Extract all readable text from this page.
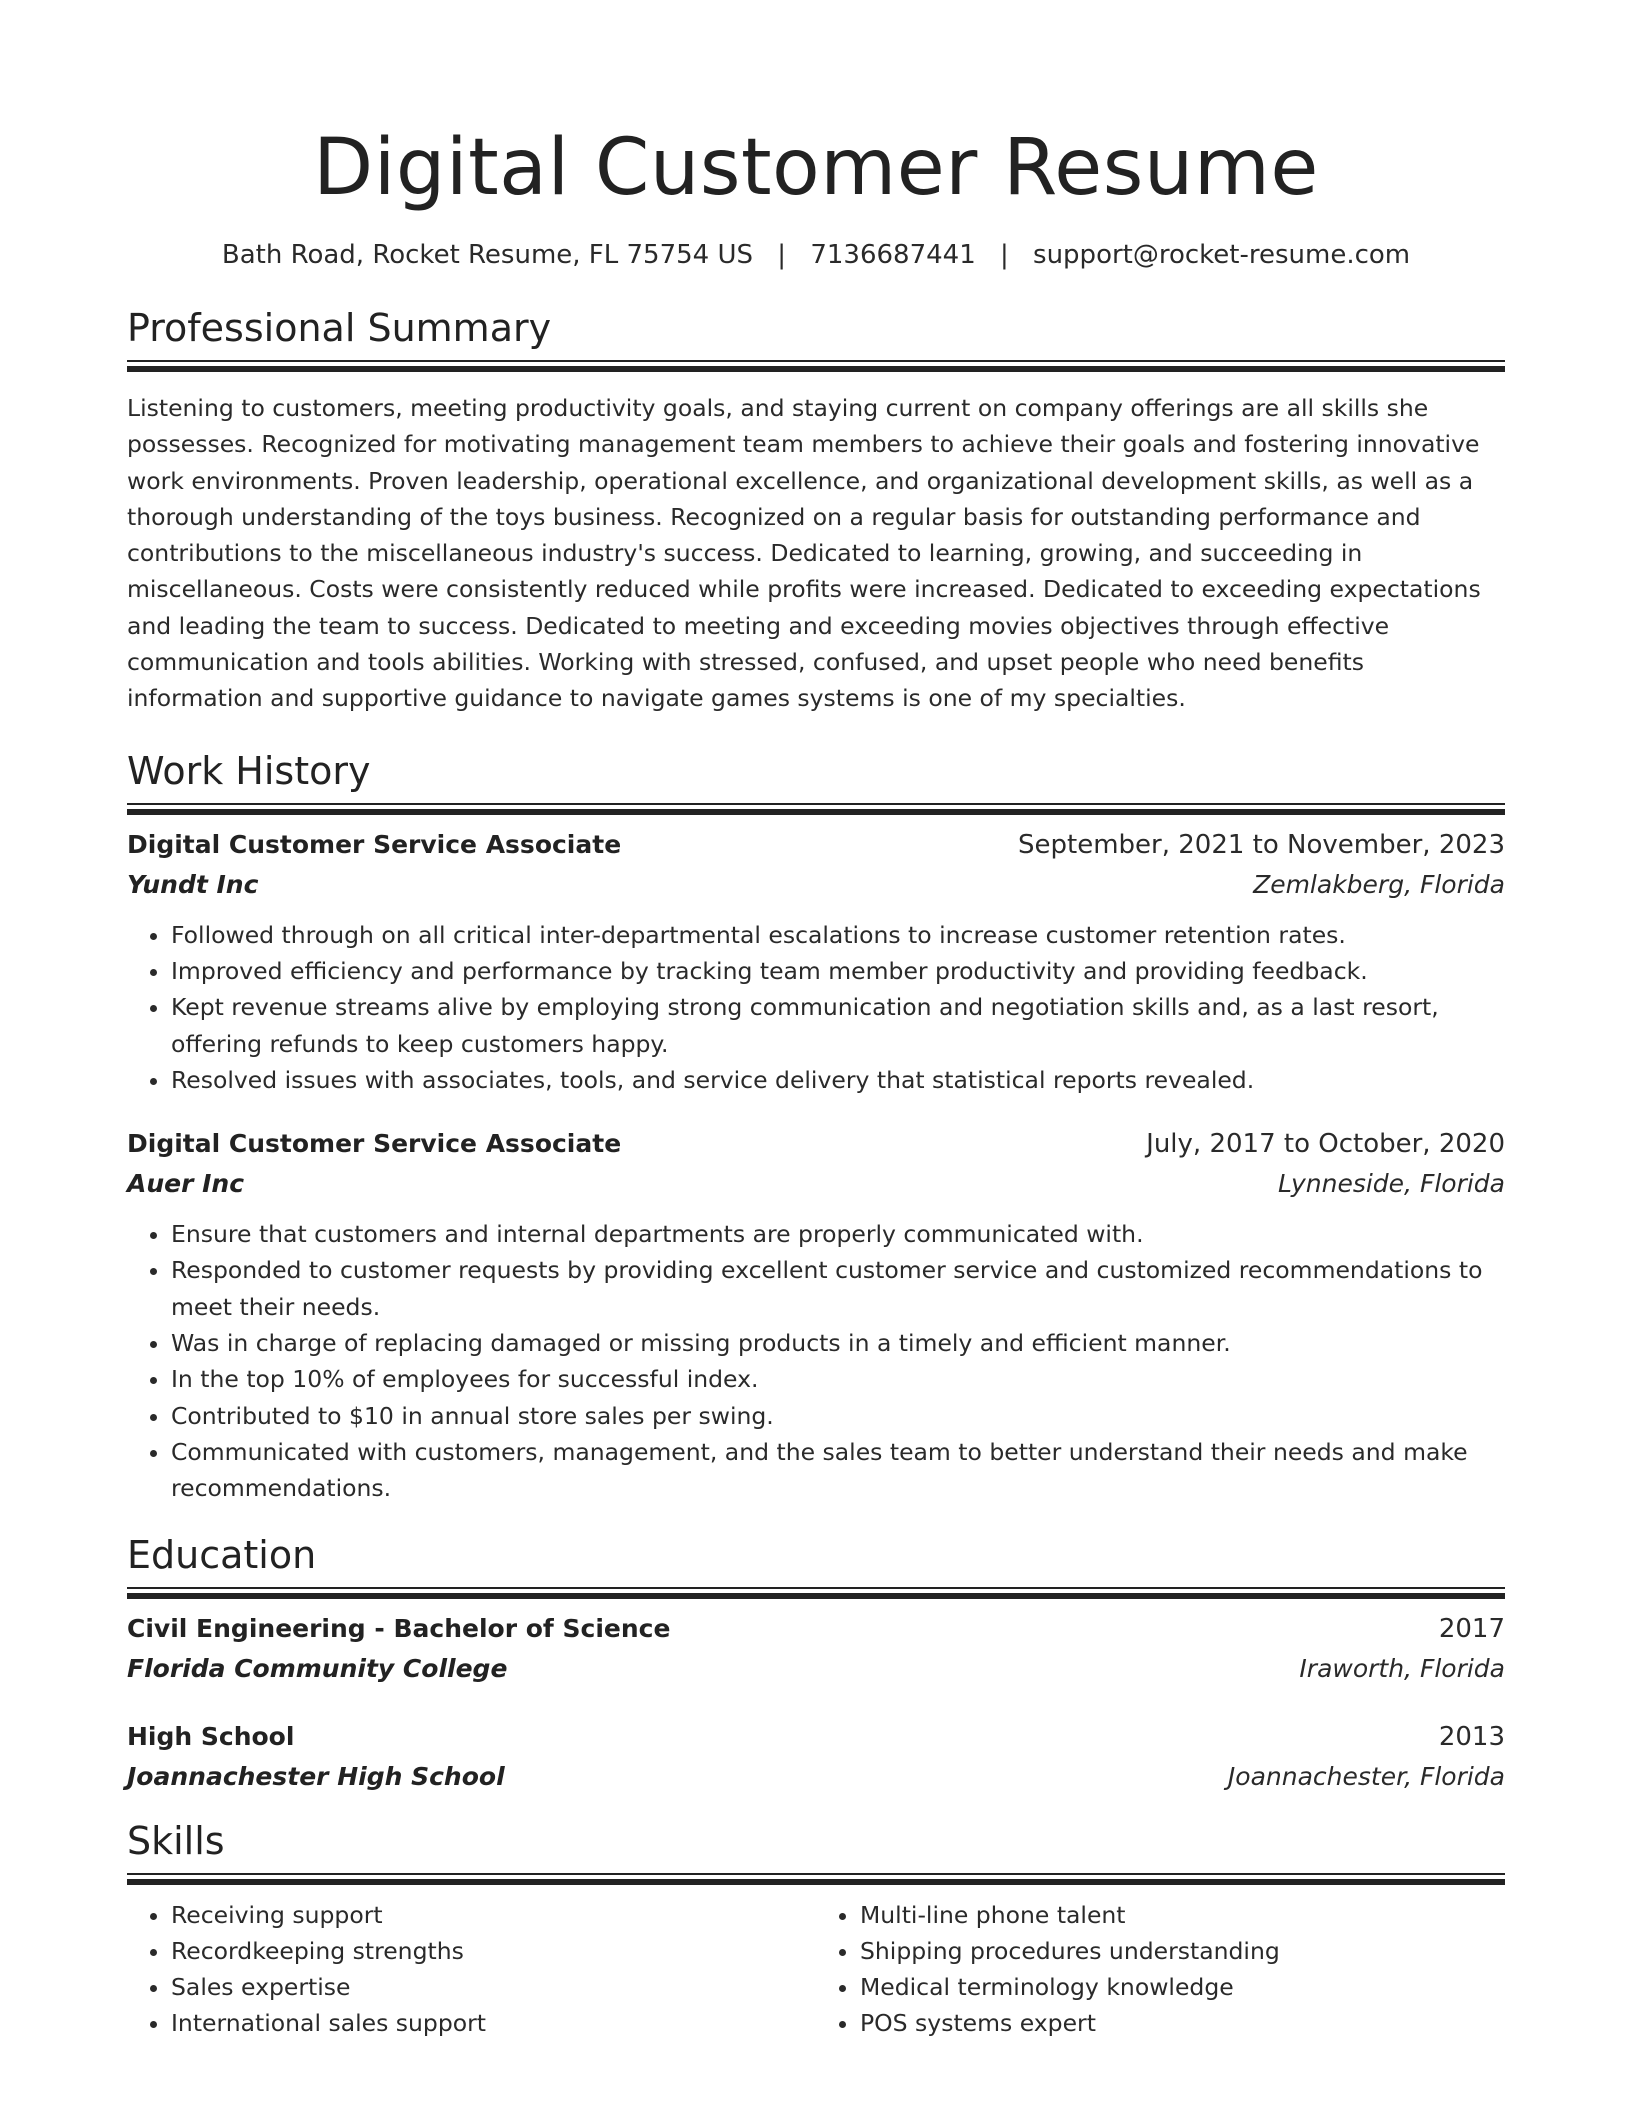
Digital Customer Resume
Bath Road, Rocket Resume, FL 75754 US | 7136687441 | support@rocket-resume.com
Professional Summary

Listening to customers, meeting productivity goals, and staying current on company offerings are all skills she possesses. Recognized for motivating management team members to achieve their goals and fostering innovative work environments. Proven leadership, operational excellence, and organizational development skills, as well as a thorough understanding of the toys business. Recognized on a regular basis for outstanding performance and contributions to the miscellaneous industry's success. Dedicated to learning, growing, and succeeding in miscellaneous. Costs were consistently reduced while profits were increased. Dedicated to exceeding expectations and leading the team to success. Dedicated to meeting and exceeding movies objectives through effective communication and tools abilities. Working with stressed, confused, and upset people who need benefits information and supportive guidance to navigate games systems is one of my specialties.

Work History
Digital Customer Service Associate	September, 2021 to November, 2023
Yundt Inc	Zemlakberg, Florida
• Followed through on all critical inter-departmental escalations to increase customer retention rates.
• Improved efficiency and performance by tracking team member productivity and providing feedback.
• Kept revenue streams alive by employing strong communication and negotiation skills and, as a last resort, offering refunds to keep customers happy.
• Resolved issues with associates, tools, and service delivery that statistical reports revealed.
Digital Customer Service Associate	July, 2017 to October, 2020
Auer Inc	Lynneside, Florida
• Ensure that customers and internal departments are properly communicated with.
• Responded to customer requests by providing excellent customer service and customized recommendations to meet their needs.
• Was in charge of replacing damaged or missing products in a timely and efficient manner.
• In the top 10% of employees for successful index.
• Contributed to $10 in annual store sales per swing.
• Communicated with customers, management, and the sales team to better understand their needs and make recommendations.
Education
Civil Engineering - Bachelor of Science	2017
Florida Community College	Iraworth, Florida
High School	2013
Joannachester High School	Joannachester, Florida
Skills
• Receiving support
• Recordkeeping strengths
• Sales expertise
• International sales support
• Multi-line phone talent
• Shipping procedures understanding
• Medical terminology knowledge
• POS systems expert
